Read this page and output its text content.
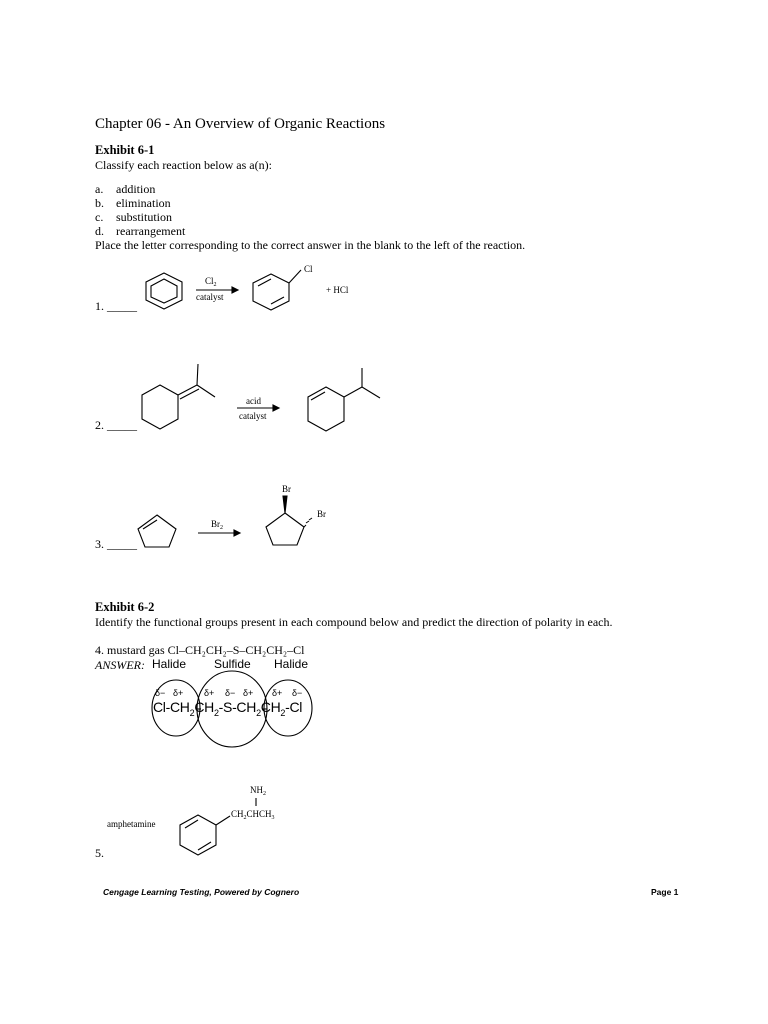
Chapter 06 - An Overview of Organic Reactions
Exhibit 6-1
Classify each reaction below as a(n):
a. addition
b. elimination
c. substitution
d. rearrangement
Place the letter corresponding to the correct answer in the blank to the left of the reaction.
1. _____
2. _____
3. _____
$Cl_2$
catalyst
Cl
+ HCl
acid
catalyst
$Br_2$
Br
Br
$NH_2$
$CH_2CHCH_3$
Exhibit 6-2
Identify the functional groups present in each compound below and predict the direction of polarity in each.
4. mustard gas Cl–CH₂CH₂–S–CH₂CH₂–Cl
ANSWER: Halide Sulfide Halide
δ− δ+ δ+ δ− δ+ δ+ δ−
$Cl-CH_2CH_2-S-CH_2CH_2-Cl$
amphetamine
5.
Cengage Learning Testing, Powered by Cognero	Page 1
